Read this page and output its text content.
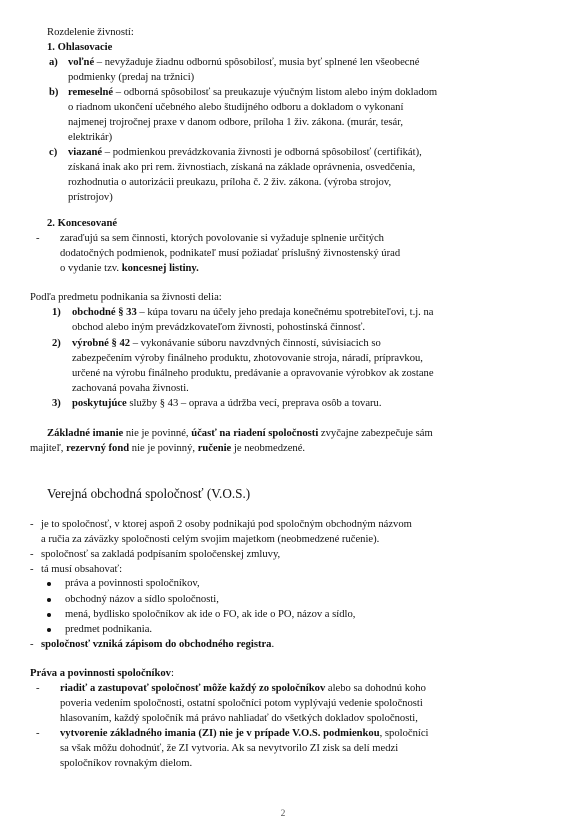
Rozdelenie živností:
1. Ohlasovacie
a) voľné – nevyžaduje žiadnu odbornú spôsobilosť, musia byť splnené len všeobecné
podmienky (predaj na tržnici)
b) remeselné – odborná spôsobilosť sa preukazuje výučným listom alebo iným dokladom
o riadnom ukončení učebného alebo študijného odboru a dokladom o vykonaní
najmenej trojročnej praxe v danom odbore, príloha 1 živ. zákona. (murár, tesár,
elektrikár)
c) viazané – podmienkou prevádzkovania živnosti je odborná spôsobilosť (certifikát),
získaná inak ako pri rem. živnostiach, získaná na základe oprávnenia, osvedčenia,
rozhodnutia o autorizácii preukazu, príloha č. 2 živ. zákona. (výroba strojov,
prístrojov)
2. Koncesované
- zaraďujú sa sem činnosti, ktorých povolovanie si vyžaduje splnenie určitých
dodatočných podmienok, podnikateľ musí požiadať príslušný živnostenský úrad
o vydanie tzv. koncesnej listiny.
Podľa predmetu podnikania sa živnosti delia:
1) obchodné § 33 – kúpa tovaru na účely jeho predaja konečnému spotrebiteľovi, t.j. na
obchod alebo iným prevádzkovateľom živnosti, pohostinská činnosť.
2) výrobné § 42 – vykonávanie súboru navzdvných činností, súvisiacich so
zabezpečením výroby finálneho produktu, zhotovovanie stroja, náradí, prípravkou,
určené na výrobu finálneho produktu, predávanie a opravovanie výrobkov ak zostane
zachovaná povaha živnosti.
3) poskytujúce služby § 43 – oprava a údržba vecí, preprava osôb a tovaru.
Základné imanie nie je povinné, účasť na riadení spoločnosti zvyčajne zabezpečuje sám
majiteľ, rezervný fond nie je povinný, ručenie je neobmedzené.
Verejná obchodná spoločnosť (V.O.S.)
- je to spoločnosť, v ktorej aspoň 2 osoby podnikajú pod spoločným obchodným názvom
a ručia za záväzky spoločnosti celým svojim majetkom (neobmedzené ručenie).
- spoločnosť sa zakladá podpísaním spoločenskej zmluvy,
- tá musí obsahovať:
práva a povinnosti spoločníkov,
obchodný názov a sídlo spoločnosti,
mená, bydlisko spoločníkov ak ide o FO, ak ide o PO, názov a sídlo,
predmet podnikania.
- spoločnosť vzniká zápisom do obchodného registra.
Práva a povinnosti spoločníkov:
- riadiť a zastupovať spoločnosť môže každý zo spoločníkov alebo sa dohodnú koho
poveria vedením spoločnosti, ostatní spoločníci potom vyplývajú vedenie spoločnosti
hlasovaním, každý spoločník má právo nahliadať do všetkých dokladov spoločnosti,
- vytvorenie základného imania (ZI) nie je v prípade V.O.S. podmienkou, spoločníci
sa však môžu dohodnúť, že ZI vytvoria. Ak sa nevytvorilo ZI zisk sa delí medzi
spoločníkov rovnakým dielom.
2
